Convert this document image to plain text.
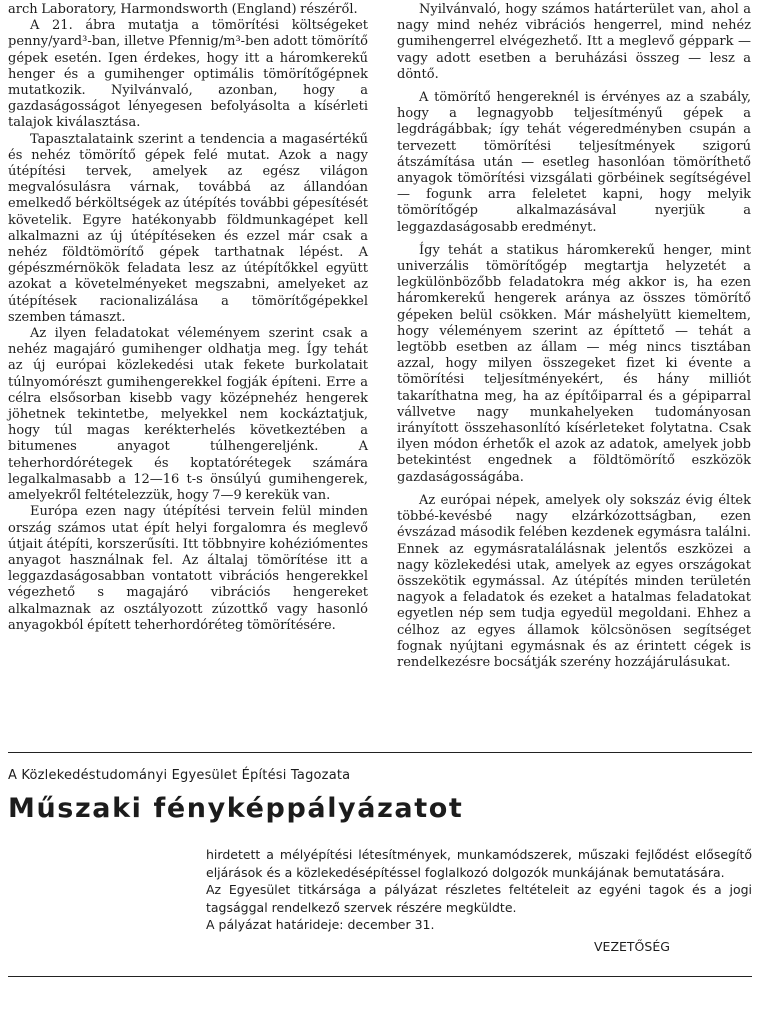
arch Laboratory, Harmondsworth (England) részéről.

A 21. ábra mutatja a tömörítési költségeket penny/yard³-ban, illetve Pfennig/m³-ben adott tömörítő gépek esetén. Igen érdekes, hogy itt a háromkerekű henger és a gumihenger optimális tömörítőgépnek mutatkozik. Nyilvánvaló, azonban, hogy a gazdaságosságot lényegesen befolyásolta a kísérleti talajok kiválasztása.

Tapasztalataink szerint a tendencia a magasértékű és nehéz tömörítő gépek felé mutat. Azok a nagy útépítési tervek, amelyek az egész világon megvalósulásra várnak, továbbá az állandóan emelkedő bérköltségek az útépítés további gépesítését követelik. Egyre hatékonyabb földmunkagépet kell alkalmazni az új útépítéseken és ezzel már csak a nehéz földtömörítő gépek tarthatnak lépést. A gépészmérnökök feladata lesz az útépítőkkel együtt azokat a követelményeket megszabni, amelyeket az útépítések racionalizálása a tömörítőgépekkel szemben támaszt.

Az ilyen feladatokat véleményem szerint csak a nehéz magajáró gumihenger oldhatja meg. Így tehát az új európai közlekedési utak fekete burkolatait túlnyomórészt gumihengerekkel fogják építeni. Erre a célra elsősorban kisebb vagy középnehéz hengerek jöhetnek tekintetbe, melyekkel nem kockáztatjuk, hogy túl magas kerékterhelés következtében a bitumenes anyagot túlhengereljénk. A teherhordórétegek és koptatórétegek számára legalkalmasabb a 12—16 t-s önsúlyú gumihengerek, amelyekről feltételezzük, hogy 7—9 kerekük van.

Európa ezen nagy útépítési tervein felül minden ország számos utat épít helyi forgalomra és meglevő útjait átépíti, korszerűsíti. Itt többnyire kohéziómentes anyagot használnak fel. Az általaj tömörítése itt a leggazdaságosabban vontatott vibrációs hengerekkel végezhető s magajáró vibrációs hengereket alkalmaznak az osztályozott zúzottkő vagy hasonló anyagokból épített teherhordóréteg tömörítésére.

Nyilvánvaló, hogy számos határterület van, ahol a nagy mind nehéz vibrációs hengerrel, mind nehéz gumihengerrel elvégezhető. Itt a meglevő géppark — vagy adott esetben a beruházási összeg — lesz a döntő.

A tömörítő hengereknél is érvényes az a szabály, hogy a legnagyobb teljesítményű gépek a legdrágábbak; így tehát végeredményben csupán a tervezett tömörítési teljesítmények szigorú átszámítása után — esetleg hasonlóan tömöríthető anyagok tömörítési vizsgálati görbéinek segítségével — fogunk arra feleletet kapni, hogy melyik tömörítőgép alkalmazásával nyerjük a leggazdaságosabb eredményt.

Így tehát a statikus háromkerekű henger, mint univerzális tömörítőgép megtartja helyzetét a legkülönbözőbb feladatokra még akkor is, ha ezen háromkerekű hengerek aránya az összes tömörítő gépeken belül csökken. Már máshelyütt kiemeltem, hogy véleményem szerint az építtető — tehát a legtöbb esetben az állam — még nincs tisztában azzal, hogy milyen összegeket fizet ki évente a tömörítési teljesítményekért, és hány milliót takaríthatna meg, ha az építőiparral és a gépiparral vállvetve nagy munkahelyeken tudományosan irányított összehasonlító kísérleteket folytatna. Csak ilyen módon érhetők el azok az adatok, amelyek jobb betekintést engednek a földtömörítő eszközök gazdaságosságába.

Az európai népek, amelyek oly sokszáz évig éltek többé-kevésbé nagy elzárkózottságban, ezen évszázad második felében kezdenek egymásra találni. Ennek az egymásratalálásnak jelentős eszközei a nagy közlekedési utak, amelyek az egyes országokat összekötik egymással. Az útépítés minden területén nagyok a feladatok és ezeket a hatalmas feladatokat egyetlen nép sem tudja egyedül megoldani. Ehhez a célhoz az egyes államok kölcsönösen segítséget fognak nyújtani egymásnak és az érintett cégek is rendelkezésre bocsátják szerény hozzájárulásukat.

A Közlekedéstudományi Egyesület Építési Tagozata
Műszaki fényképpályázatot

hirdetett a mélyépítési létesítmények, munkamódszerek, műszaki fejlődést elősegítő eljárások és a közlekedésépítéssel foglalkozó dolgozók munkájának bemutatására.

Az Egyesület titkársága a pályázat részletes feltételeit az egyéni tagok és a jogi tagsággal rendelkező szervek részére megküldte.

A pályázat határideje: december 31.

VEZETŐSÉG
